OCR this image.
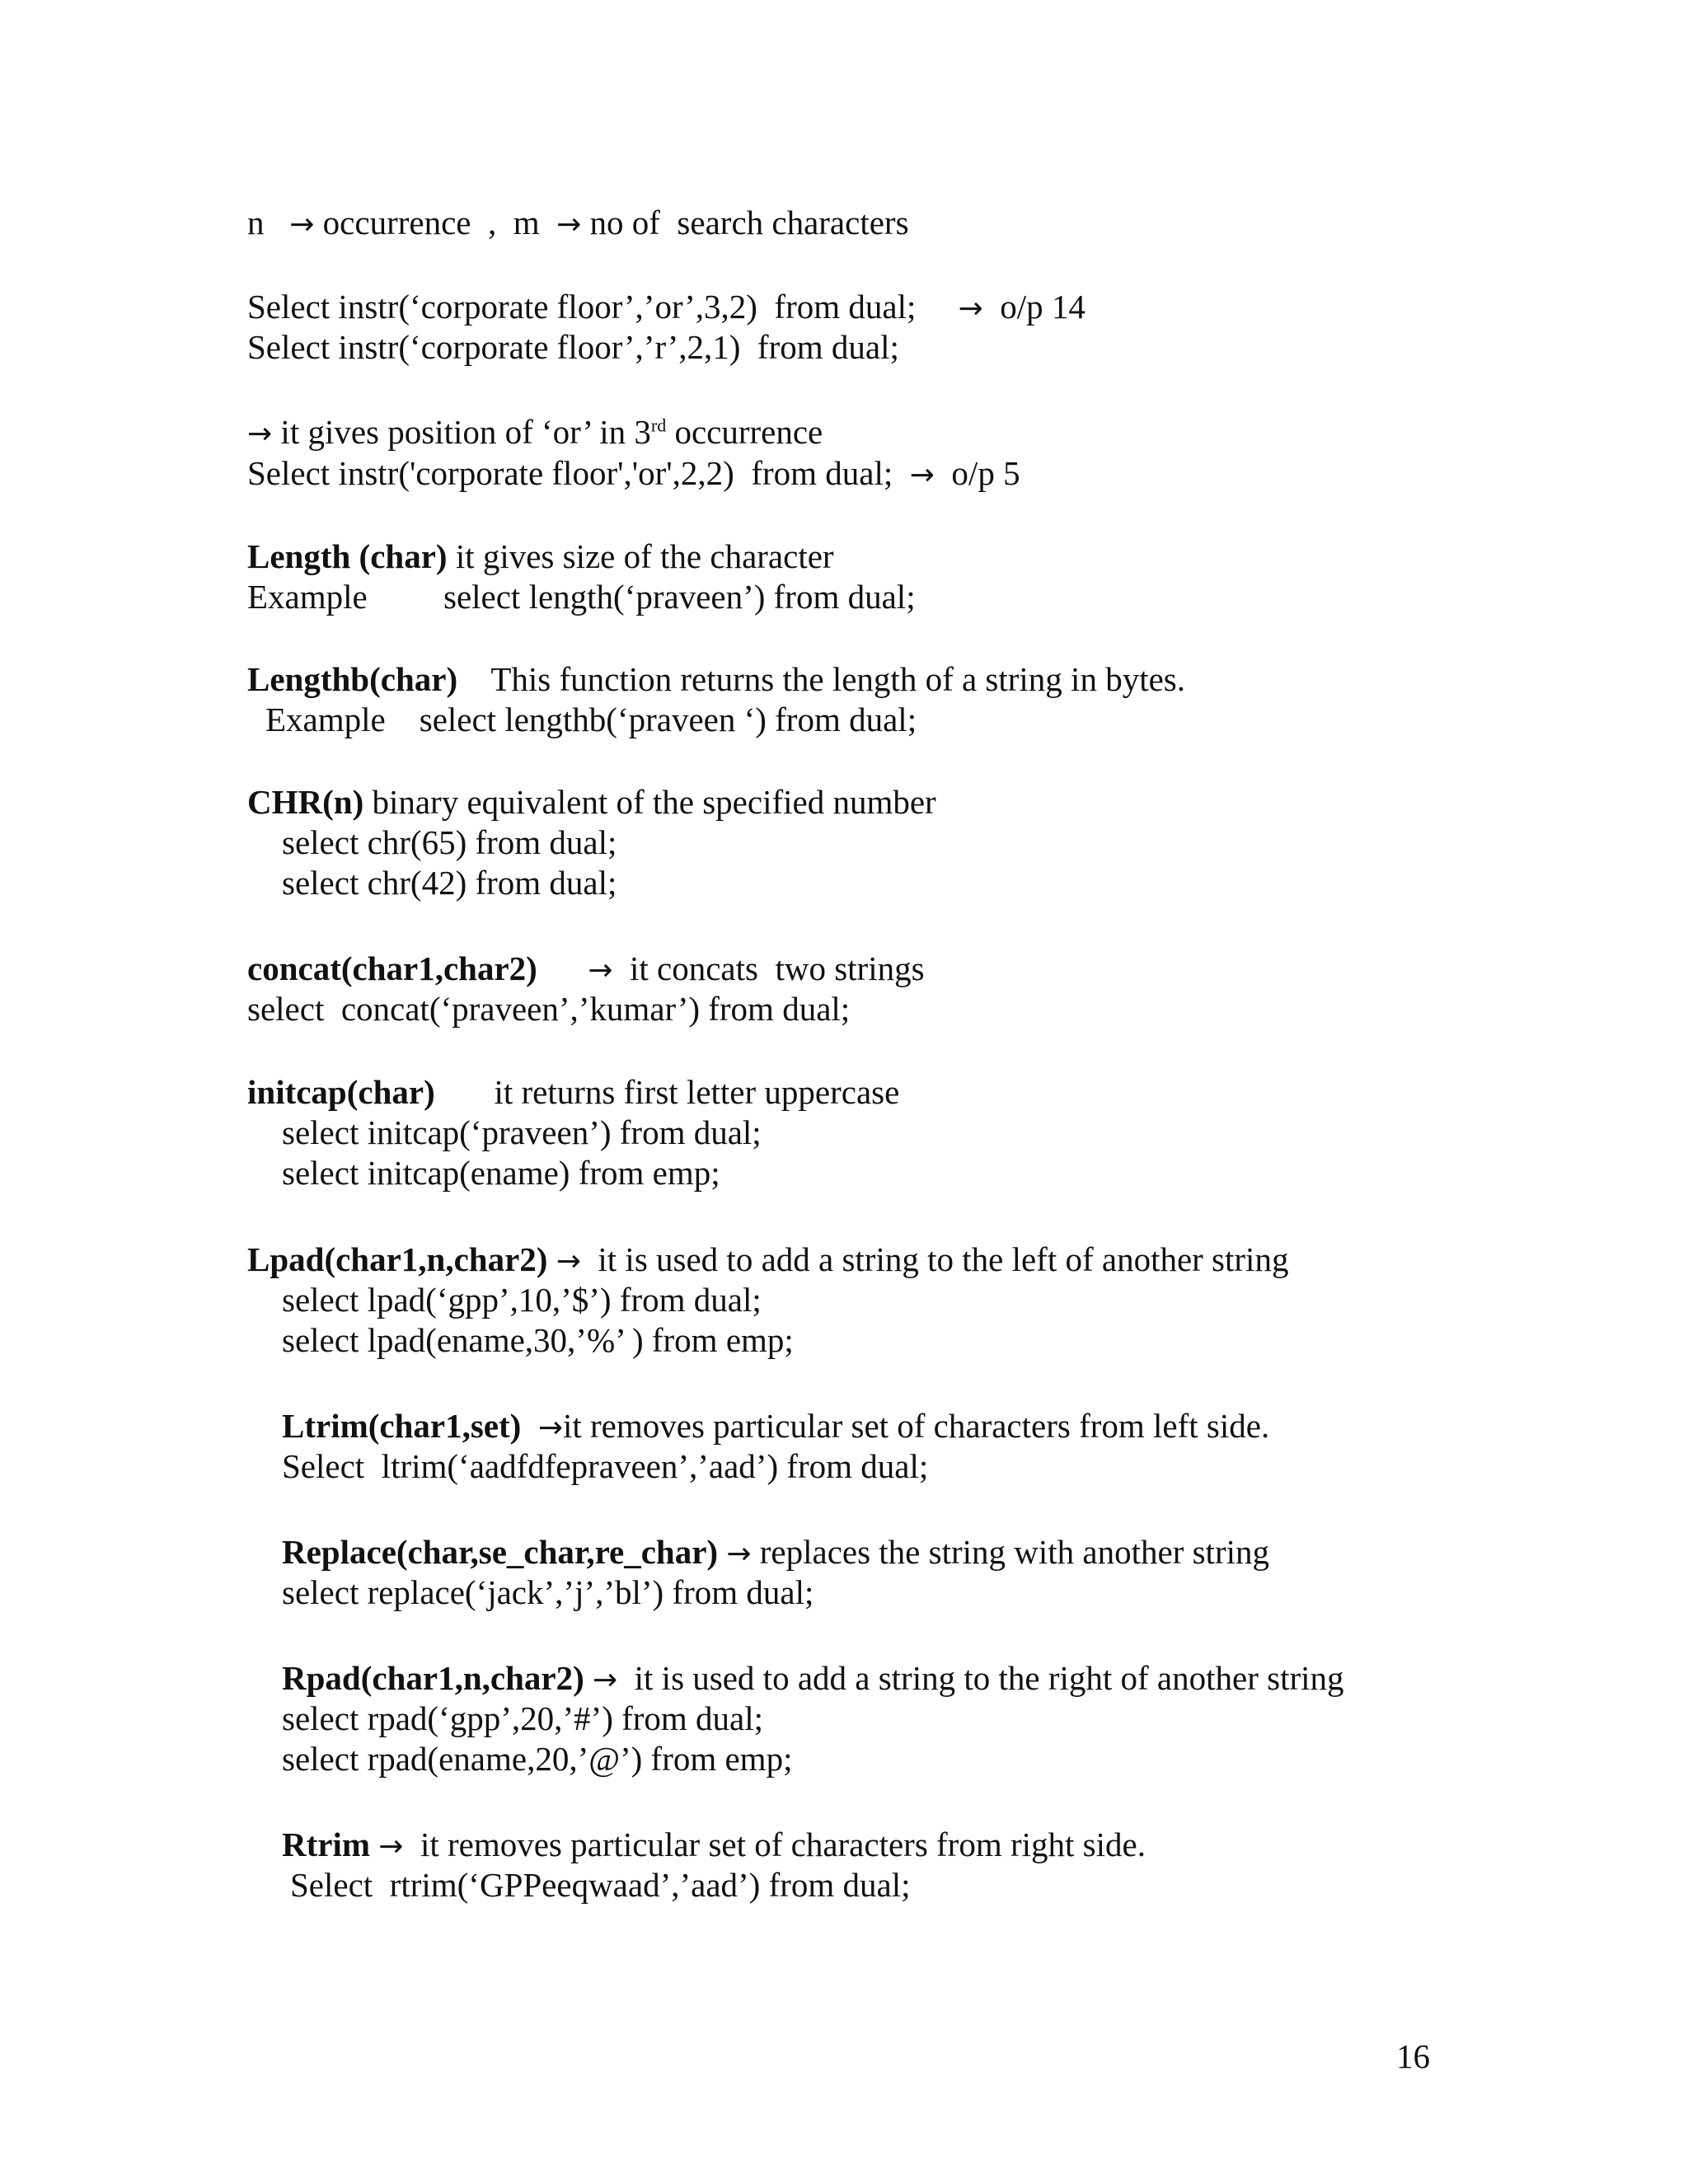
n → occurrence  ,  m → no of  search characters
Select instr(‘corporate floor’,’or’,3,2)  from dual; → o/p 14
Select instr(‘corporate floor’,’r’,2,1)  from dual;
→ it gives position of ‘or’ in 3rd occurrence
Select instr('corporate floor','or',2,2)  from dual; → o/p 5
Length (char) it gives size of the character
Example select length(‘praveen’) from dual;
Lengthb(char) This function returns the length of a string in bytes.
Example select lengthb(‘praveen ‘) from dual;
CHR(n) binary equivalent of the specified number
select chr(65) from dual;
select chr(42) from dual;
concat(char1,char2) → it concats  two strings
select  concat(‘praveen’,’kumar’) from dual;
initcap(char) it returns first letter uppercase
select initcap(‘praveen’) from dual;
select initcap(ename) from emp;
Lpad(char1,n,char2) → it is used to add a string to the left of another string
select lpad(‘gpp’,10,’$’) from dual;
select lpad(ename,30,’%’ ) from emp;
Ltrim(char1,set) →it removes particular set of characters from left side.
Select  ltrim(‘aadfdfepraveen’,’aad’) from dual;
Replace(char,se_char,re_char) → replaces the string with another string
select replace(‘jack’,’j’,’bl’) from dual;
Rpad(char1,n,char2) → it is used to add a string to the right of another string
select rpad(‘gpp’,20,’#’) from dual;
select rpad(ename,20,’@’) from emp;
Rtrim → it removes particular set of characters from right side.
Select  rtrim(‘GPPeeqwaad’,’aad’) from dual;
16
